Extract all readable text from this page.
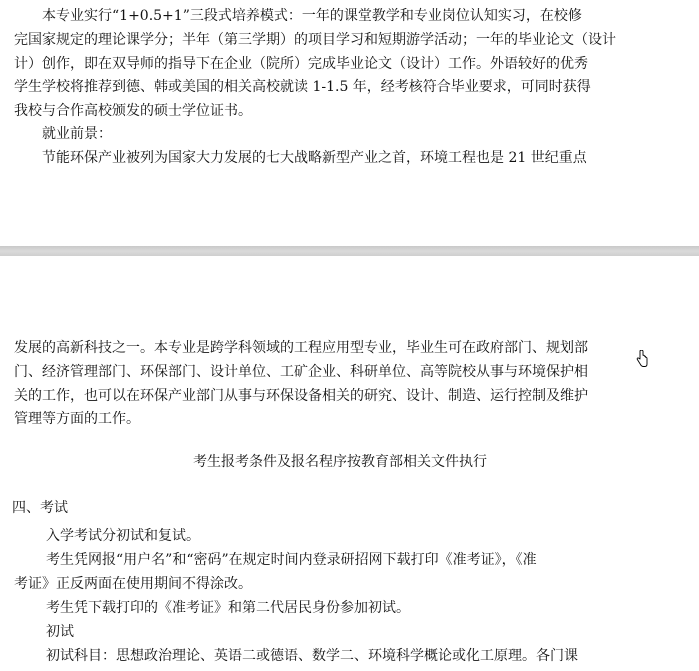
本专业实行“1+0.5+1”三段式培养模式：一年的课堂教学和专业岗位认知实习，在校修
完国家规定的理论课学分；半年（第三学期）的项目学习和短期游学活动；一年的毕业论文（设计
计）创作，即在双导师的指导下在企业（院所）完成毕业论文（设计）工作。外语较好的优秀
学生学校将推荐到德、韩或美国的相关高校就读 1-1.5 年，经考核符合毕业要求，可同时获得
我校与合作高校颁发的硕士学位证书。
就业前景：
节能环保产业被列为国家大力发展的七大战略新型产业之首，环境工程也是 21 世纪重点
发展的高新科技之一。本专业是跨学科领域的工程应用型专业，毕业生可在政府部门、规划部
门、经济管理部门、环保部门、设计单位、工矿企业、科研单位、高等院校从事与环境保护相
关的工作，也可以在环保产业部门从事与环保设备相关的研究、设计、制造、运行控制及维护
管理等方面的工作。
考生报考条件及报名程序按教育部相关文件执行
四、考试
入学考试分初试和复试。
考生凭网报“用户名”和“密码”在规定时间内登录研招网下载打印《准考证》，《准
考证》正反两面在使用期间不得涂改。
考生凭下载打印的《准考证》和第二代居民身份参加初试。
初试
初试科目：思想政治理论、英语二或德语、数学二、环境科学概论或化工原理。各门课
